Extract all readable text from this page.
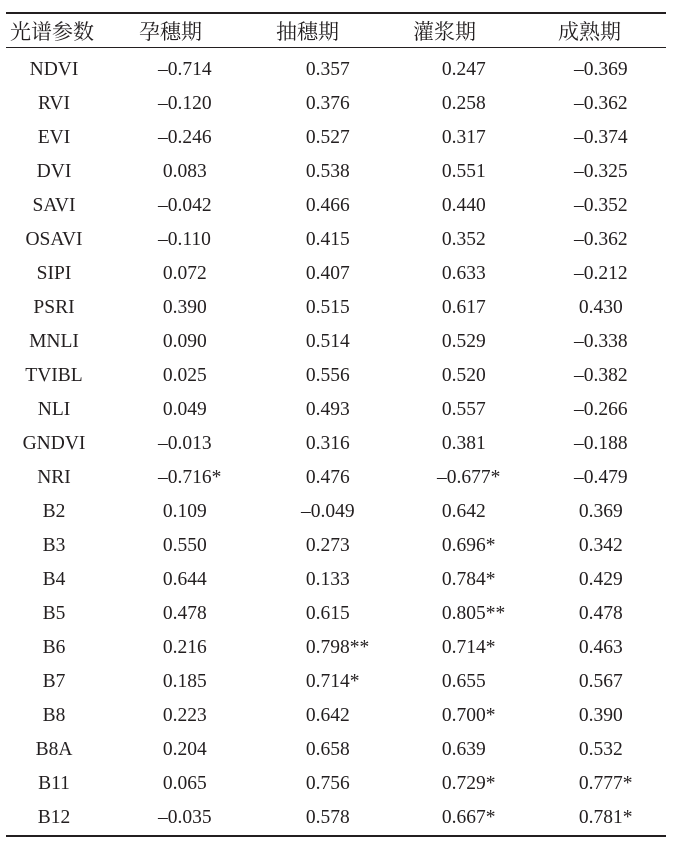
光谱参数	孕穗期	抽穗期	灌浆期	成熟期
NDVI	–0.714	0.357	0.247	–0.369
RVI	–0.120	0.376	0.258	–0.362
EVI	–0.246	0.527	0.317	–0.374
DVI	0.083	0.538	0.551	–0.325
SAVI	–0.042	0.466	0.440	–0.352
OSAVI	–0.110	0.415	0.352	–0.362
SIPI	0.072	0.407	0.633	–0.212
PSRI	0.390	0.515	0.617	0.430
MNLI	0.090	0.514	0.529	–0.338
TVIBL	0.025	0.556	0.520	–0.382
NLI	0.049	0.493	0.557	–0.266
GNDVI	–0.013	0.316	0.381	–0.188
NRI	–0.716*	0.476	–0.677*	–0.479
B2	0.109	–0.049	0.642	0.369
B3	0.550	0.273	0.696*	0.342
B4	0.644	0.133	0.784*	0.429
B5	0.478	0.615	0.805**	0.478
B6	0.216	0.798**	0.714*	0.463
B7	0.185	0.714*	0.655	0.567
B8	0.223	0.642	0.700*	0.390
B8A	0.204	0.658	0.639	0.532
B11	0.065	0.756	0.729*	0.777*
B12	–0.035	0.578	0.667*	0.781*
